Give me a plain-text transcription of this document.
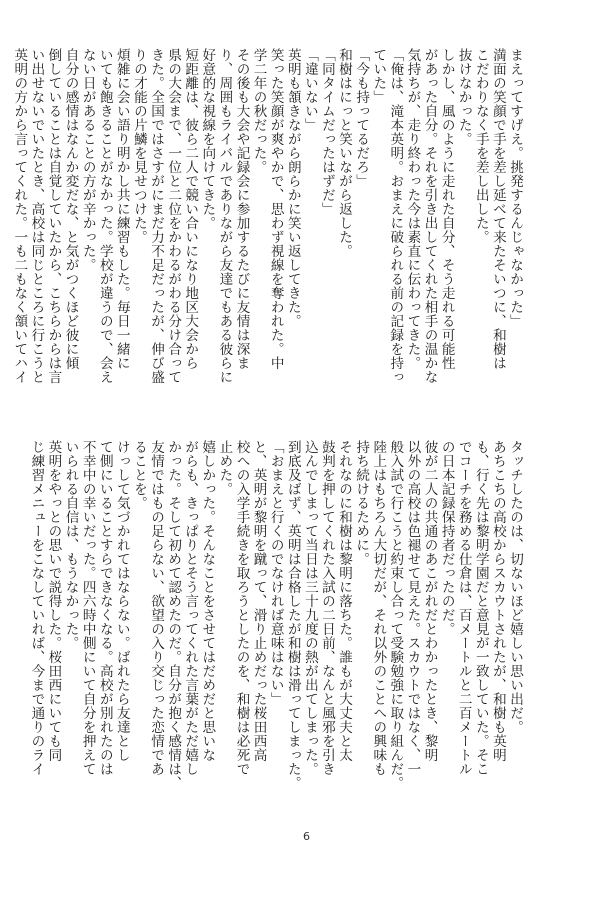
まえってすげえ。挑発するんじゃなかった」
満面の笑顔で手を差し延べて来たそいつに、和樹は
こだわりなく手を差し出した。
抜けなかった。
しかし、風のように走れた自分、そう走れる可能性
があった自分。それを引き出してくれた相手の温かな
気持ちが、走り終わった今は素直に伝わってきた。
「俺は、滝本英明。おまえに破られる前の記録を持っ
ていた」
「今も持ってるだろ」
和樹はにっと笑いながら返した。
「同タイムだったはずだ」
「違いない」
英明も頷きながら朗らかに笑い返してきた。
笑った笑顔が爽やかで、思わず視線を奪われた。中
学二年の秋だった。
その後も大会や記録会に参加するたびに友情は深ま
り、周囲もライバルでありながら友達でもある彼らに
好意的な視線を向けてきた。
短距離は、彼ら二人で競い合いになり地区大会から
県の大会まで、一位と二位をかわるがわる分け合って
きた。全国ではさすがにまだ力不足だったが、伸び盛
りの才能の片鱗を見せつけた。
煩雑に会い語り明かし共に練習もした。毎日一緒に
いても飽きることがなかった。学校が違うので、会え
ない日があることの方が辛かった。
自分の感情はなんか変だな、と気がつくほど彼に傾
倒していることは自覚していたから、こちらからは言
い出せないでいたとき、高校は同じところに行こうと
英明の方から言ってくれた。一も二もなく頷いてハイ
タッチしたのは、切ないほど嬉しい思い出だ。
あちこちの高校からスカウトされたが、和樹も英明
も、行く先は黎明学園だと意見が一致していた。そこ
でコーチを務める仕倉は、百メートルと二百メートル
の日本記録保持者だったのだ。
彼が二人の共通のあこがれだとわかったとき、黎明
以外の高校は色褪せて見えた。スカウトではなく、一
般入試で行こうと約束し合って受験勉強に取り組んだ。
陸上はもちろん大切だが、それ以外のことへの興味も
持ち続けるために。
それなのに和樹は黎明に落ちた。誰もが大丈夫と太
鼓判を押してくれた入試の二日前、なんと風邪を引き
込んでしまって当日は三十九度の熱が出てしまった。
到底及ばず、英明は合格したが和樹は滑ってしまった。
「おまえと行くのでなければ意味はない」
と、英明が黎明を蹴って、滑り止めだった桜田西高
校への入学手続きを取ろうとしたのを、和樹は必死で
止めた。
嬉しかった。そんなことをさせてはだめだと思いな
がらも、きっぱりとそう言ってくれた言葉がただ嬉し
かった。そして初めて認めたのだ。自分が抱く感情は、
友情ではもの足らない、欲望の入り交じった恋情であ
ることを。
けっして気づかれてはならない。ばれたら友達とし
て側にいることすらできなくなる。高校が別れたのは
不幸中の幸いだった。四六時中側にいて自分を押えて
いられる自信は、もうなかった。
英明をやっとの思いで説得した。桜田西にいても同
じ練習メニューをこなしていれば、今まで通りのライ
6
